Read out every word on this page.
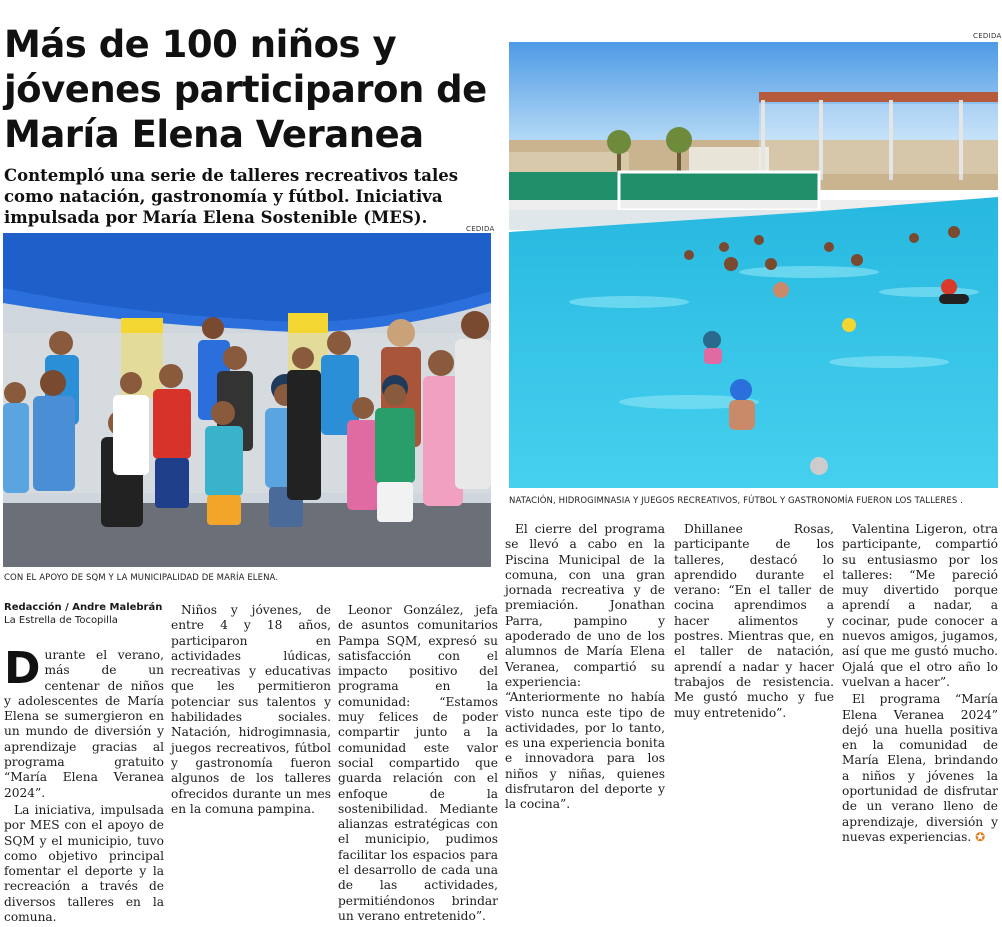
Más de 100 niños y jóvenes participaron de María Elena Veranea

Contempló una serie de talleres recreativos tales como natación, gastronomía y fútbol. Iniciativa impulsada por María Elena Sostenible (MES).

CEDIDA
CON EL APOYO DE SQM Y LA MUNICIPALIDAD DE MARÍA ELENA.
CEDIDA
NATACIÓN, HIDROGIMNASIA Y JUEGOS RECREATIVOS, FÚTBOL Y GASTRONOMÍA FUERON LOS TALLERES .
Redacción / Andre Malebrán
La Estrella de Tocopilla

Durante el verano, más de un centenar de niños y adolescentes de María Elena se sumergieron en un mundo de diversión y aprendizaje gracias al programa gratuito “María Elena Veranea 2024”.

La iniciativa, impulsada por MES con el apoyo de SQM y el municipio, tuvo como objetivo principal fomentar el deporte y la recreación a través de diversos talleres en la comuna.

Niños y jóvenes, de entre 4 y 18 años, participaron en actividades lúdicas, recreativas y educativas que les permitieron potenciar sus talentos y habilidades sociales. Natación, hidrogimnasia, juegos recreativos, fútbol y gastronomía fueron algunos de los talleres ofrecidos durante un mes en la comuna pampina.

Leonor González, jefa de asuntos comunitarios Pampa SQM, expresó su satisfacción con el impacto positivo del programa en la comunidad: “Estamos muy felices de poder compartir junto a la comunidad este valor social compartido que guarda relación con el enfoque de la sostenibilidad. Mediante alianzas estratégicas con el municipio, pudimos facilitar los espacios para el desarrollo de cada una de las actividades, permitiéndonos brindar un verano entretenido”.

El cierre del programa se llevó a cabo en la Piscina Municipal de la comuna, con una gran jornada recreativa y de premiación. Jonathan Parra, pampino y apoderado de uno de los alumnos de María Elena Veranea, compartió su experiencia: “Anteriormente no había visto nunca este tipo de actividades, por lo tanto, es una experiencia bonita e innovadora para los niños y niñas, quienes disfrutaron del deporte y la cocina”.

Dhillanee Rosas, participante de los talleres, destacó lo aprendido durante el verano: “En el taller de cocina aprendimos a hacer alimentos y postres. Mientras que, en el taller de natación, aprendí a nadar y hacer trabajos de resistencia. Me gustó mucho y fue muy entretenido”.

Valentina Ligeron, otra participante, compartió su entusiasmo por los talleres: “Me pareció muy divertido porque aprendí a nadar, a cocinar, pude conocer a nuevos amigos, jugamos, así que me gustó mucho. Ojalá que el otro año lo vuelvan a hacer”.

El programa “María Elena Veranea 2024” dejó una huella positiva en la comunidad de María Elena, brindando a niños y jóvenes la oportunidad de disfrutar de un verano lleno de aprendizaje, diversión y nuevas experiencias. ✪
